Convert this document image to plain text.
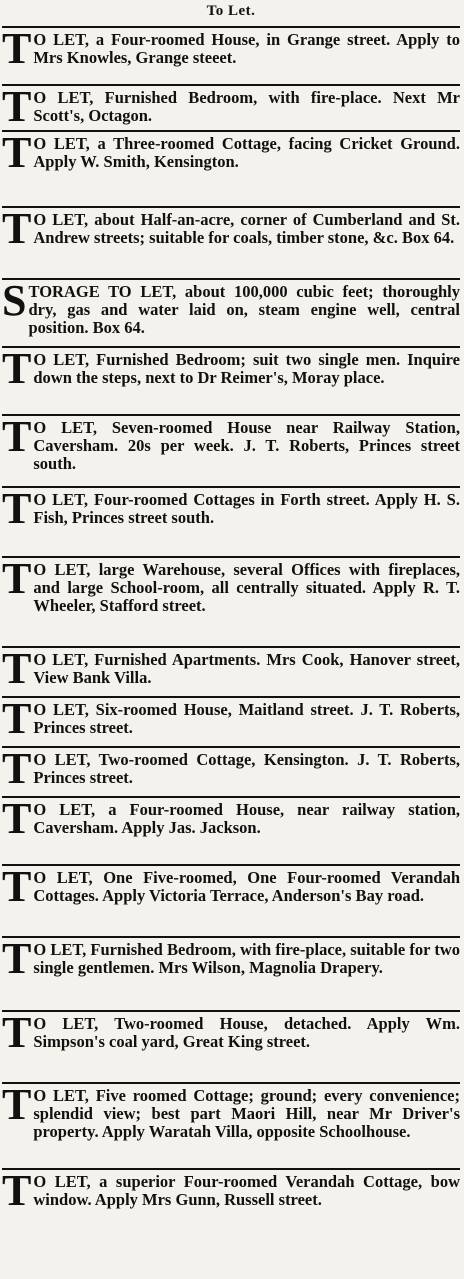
To Let.
T O LET, a Four-roomed House, in Grange street. Apply to Mrs Knowles, Grange steeet.
T O LET, Furnished Bedroom, with fire-place. Next Mr Scott's, Octagon.
T O LET, a Three-roomed Cottage, facing Cricket Ground. Apply W. Smith, Kensington.
T O LET, about Half-an-acre, corner of Cumberland and St. Andrew streets; suitable for coals, timber stone, &c. Box 64.
STORAGE TO LET, about 100,000 cubic feet; thoroughly dry, gas and water laid on, steam engine well, central position. Box 64.
T O LET, Furnished Bedroom; suit two single men. Inquire down the steps, next to Dr Reimer's, Moray place.
T O LET, Seven-roomed House near Railway Station, Caversham. 20s per week. J. T. Roberts, Princes street south.
T O LET, Four-roomed Cottages in Forth street. Apply H. S. Fish, Princes street south.
T O LET, large Warehouse, several Offices with fireplaces, and large School-room, all centrally situated. Apply R. T. Wheeler, Stafford street.
T O LET, Furnished Apartments. Mrs Cook, Hanover street, View Bank Villa.
T O LET, Six-roomed House, Maitland street. J. T. Roberts, Princes street.
T O LET, Two-roomed Cottage, Kensington. J. T. Roberts, Princes street.
T O LET, a Four-roomed House, near railway station, Caversham. Apply Jas. Jackson.
T O LET, One Five-roomed, One Four-roomed Verandah Cottages. Apply Victoria Terrace, Anderson's Bay road.
T O LET, Furnished Bedroom, with fire-place, suitable for two single gentlemen. Mrs Wilson, Magnolia Drapery.
T O LET, Two-roomed House, detached. Apply Wm. Simpson's coal yard, Great King street.
T O LET, Five roomed Cottage; ground; every convenience; splendid view; best part Maori Hill, near Mr Driver's property. Apply Waratah Villa, opposite Schoolhouse.
T O LET, a superior Four-roomed Verandah Cottage, bow window. Apply Mrs Gunn, Russell street.
